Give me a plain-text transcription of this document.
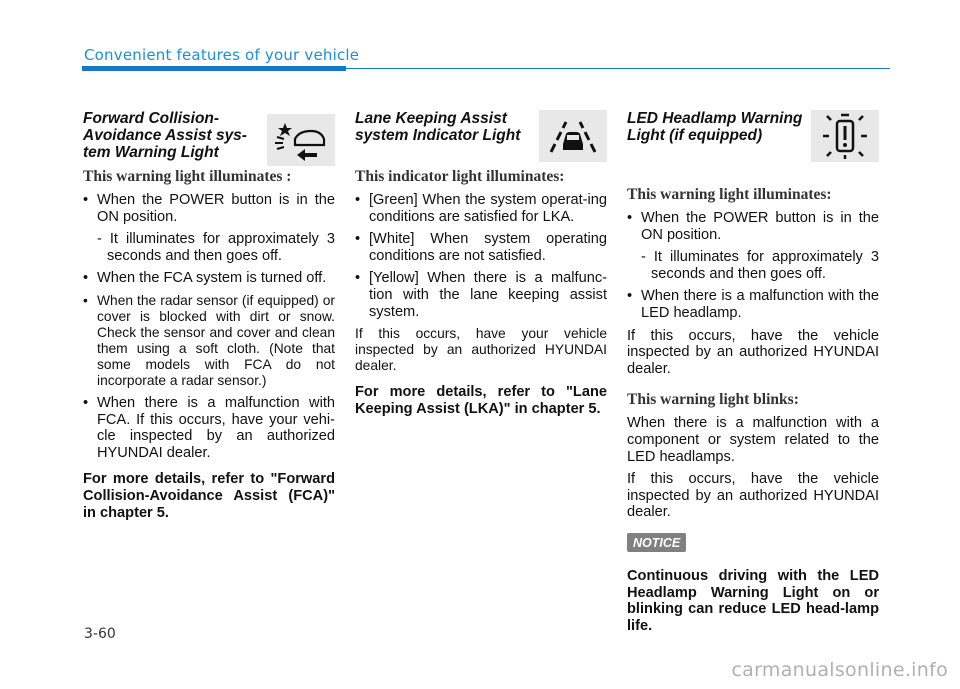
Convenient features of your vehicle
Forward Collision-
Avoidance Assist sys-
tem Warning Light
This warning light illuminates :
• When the POWER button is in the ON position.
- It illuminates for approximately 3 seconds and then goes off.
• When the FCA system is turned off.
• When the radar sensor (if equipped) or cover is blocked with dirt or snow. Check the sensor and cover and clean them using a soft cloth. (Note that some models with FCA do not incorporate a radar sensor.)
• When there is a malfunction with FCA. If this occurs, have your vehi-cle inspected by an authorized HYUNDAI dealer.
For more details, refer to "Forward Collision-Avoidance Assist (FCA)" in chapter 5.
Lane Keeping Assist
system Indicator Light
This indicator light illuminates:
• [Green] When the system operat-ing conditions are satisfied for LKA.
• [White] When system operating conditions are not satisfied.
• [Yellow] When there is a malfunc-tion with the lane keeping assist system.
If this occurs, have your vehicle inspected by an authorized HYUNDAI dealer.
For more details, refer to "Lane Keeping Assist (LKA)" in chapter 5.
LED Headlamp Warning
Light (if equipped)
This warning light illuminates:
• When the POWER button is in the ON position.
- It illuminates for approximately 3 seconds and then goes off.
• When there is a malfunction with the LED headlamp.
If this occurs, have the vehicle inspected by an authorized HYUNDAI dealer.
This warning light blinks:
When there is a malfunction with a component or system related to the LED headlamps.
If this occurs, have the vehicle inspected by an authorized HYUNDAI dealer.
NOTICE
Continuous driving with the LED Headlamp Warning Light on or blinking can reduce LED head-lamp life.
3-60
carmanualsonline.info
